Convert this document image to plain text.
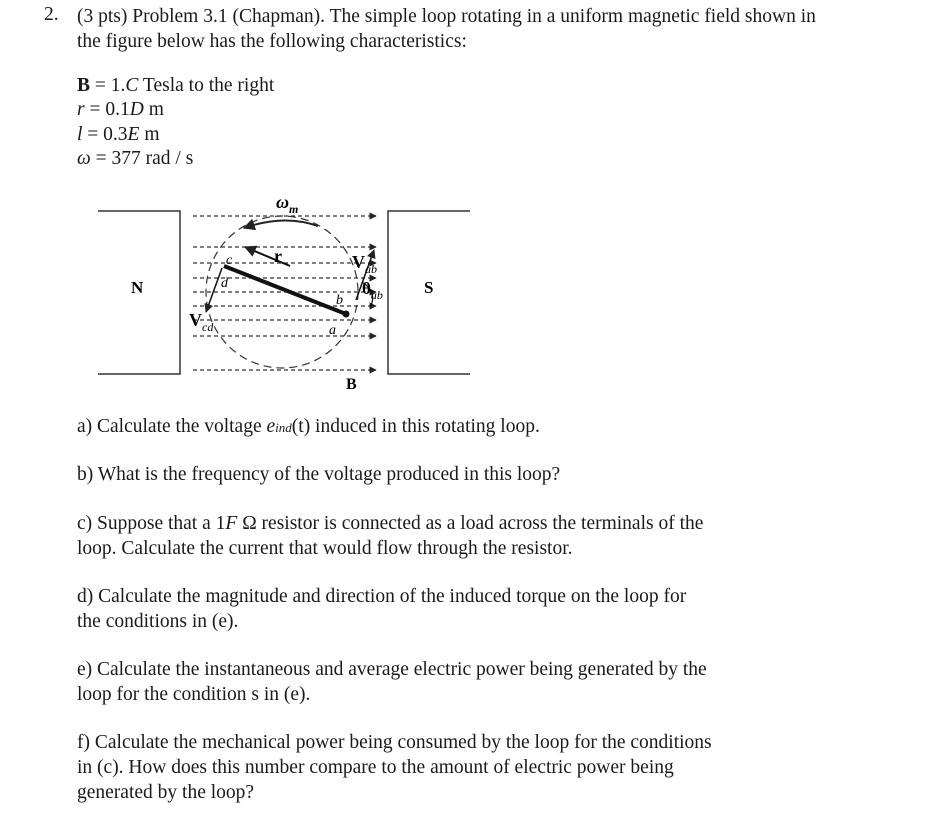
2. (3 pts) Problem 3.1 (Chapman). The simple loop rotating in a uniform magnetic field shown in
the figure below has the following characteristics:
B = 1.C Tesla to the right
r = 0.1D m
l = 0.3E m
ω = 377 rad / s
N	S
$\omega_m$
r
c
d
b
a
$V_{ab}$
$\theta_{ab}$
$V_{cd}$
B
a) Calculate the voltage eind(t) induced in this rotating loop.
b) What is the frequency of the voltage produced in this loop?
c) Suppose that a 1F Ω resistor is connected as a load across the terminals of the
loop. Calculate the current that would flow through the resistor.
d) Calculate the magnitude and direction of the induced torque on the loop for
the conditions in (e).
e) Calculate the instantaneous and average electric power being generated by the
loop for the condition s in (e).
f) Calculate the mechanical power being consumed by the loop for the conditions
in (c). How does this number compare to the amount of electric power being
generated by the loop?
